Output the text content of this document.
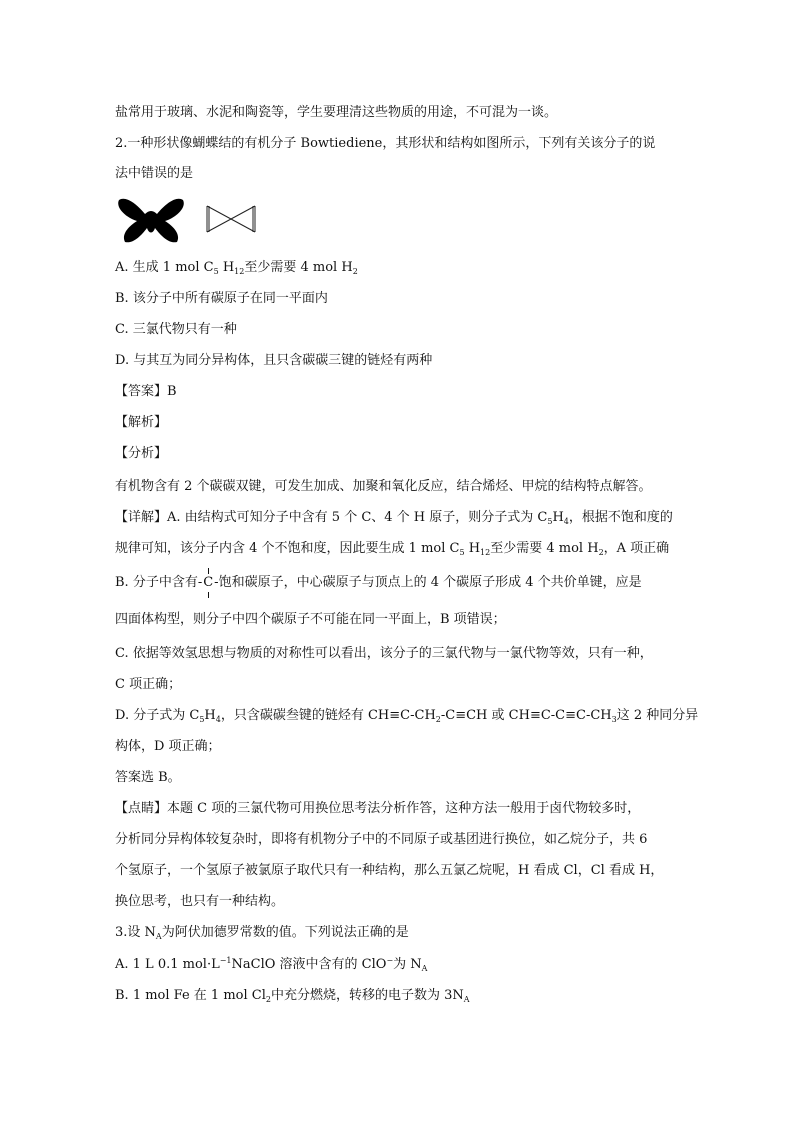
盐常用于玻璃、水泥和陶瓷等，学生要理清这些物质的用途，不可混为一谈。
2.一种形状像蝴蝶结的有机分子 Bowtiediene，其形状和结构如图所示，下列有关该分子的说
法中错误的是
A. 生成 1 mol $C_5$ $H_{12}$至少需要 4 mol $H_2$
B. 该分子中所有碳原子在同一平面内
C. 三氯代物只有一种
D. 与其互为同分异构体，且只含碳碳三键的链烃有两种
【答案】B
【解析】
【分析】
有机物含有 2 个碳碳双键，可发生加成、加聚和氧化反应，结合烯烃、甲烷的结构特点解答。
【详解】A. 由结构式可知分子中含有 5 个 C、4 个 H 原子，则分子式为 $C_5H_4$，根据不饱和度的
规律可知，该分子内含 4 个不饱和度，因此要生成 1 mol $C_5$ $H_{12}$至少需要 4 mol $H_2$，A 项正确
B. 分子中含有-
C
-饱和碳原子，中心碳原子与顶点上的 4 个碳原子形成 4 个共价单键，应是
四面体构型，则分子中四个碳原子不可能在同一平面上，B 项错误；
C. 依据等效氢思想与物质的对称性可以看出，该分子的三氯代物与一氯代物等效，只有一种，
C 项正确；
D. 分子式为 $C_5H_4$，只含碳碳叁键的链烃有 $CH\equiv C-CH_2-C\equiv CH$ 或 $CH\equiv C-C\equiv C-CH_3$这 2 种同分异
构体，D 项正确；
答案选 B。
【点睛】本题 C 项的三氯代物可用换位思考法分析作答，这种方法一般用于卤代物较多时，
分析同分异构体较复杂时，即将有机物分子中的不同原子或基团进行换位，如乙烷分子，共 6
个氢原子，一个氢原子被氯原子取代只有一种结构，那么五氯乙烷呢，H 看成 Cl，Cl 看成 H，
换位思考，也只有一种结构。
3.设 $N_A$为阿伏加德罗常数的值。下列说法正确的是
A. 1 L 0.1 $mol\cdot L^{-1}NaClO$ 溶液中含有的 ClO−为 $N_A$
B. 1 mol Fe 在 1 mol $Cl_2$中充分燃烧，转移的电子数为 $3N_A$
